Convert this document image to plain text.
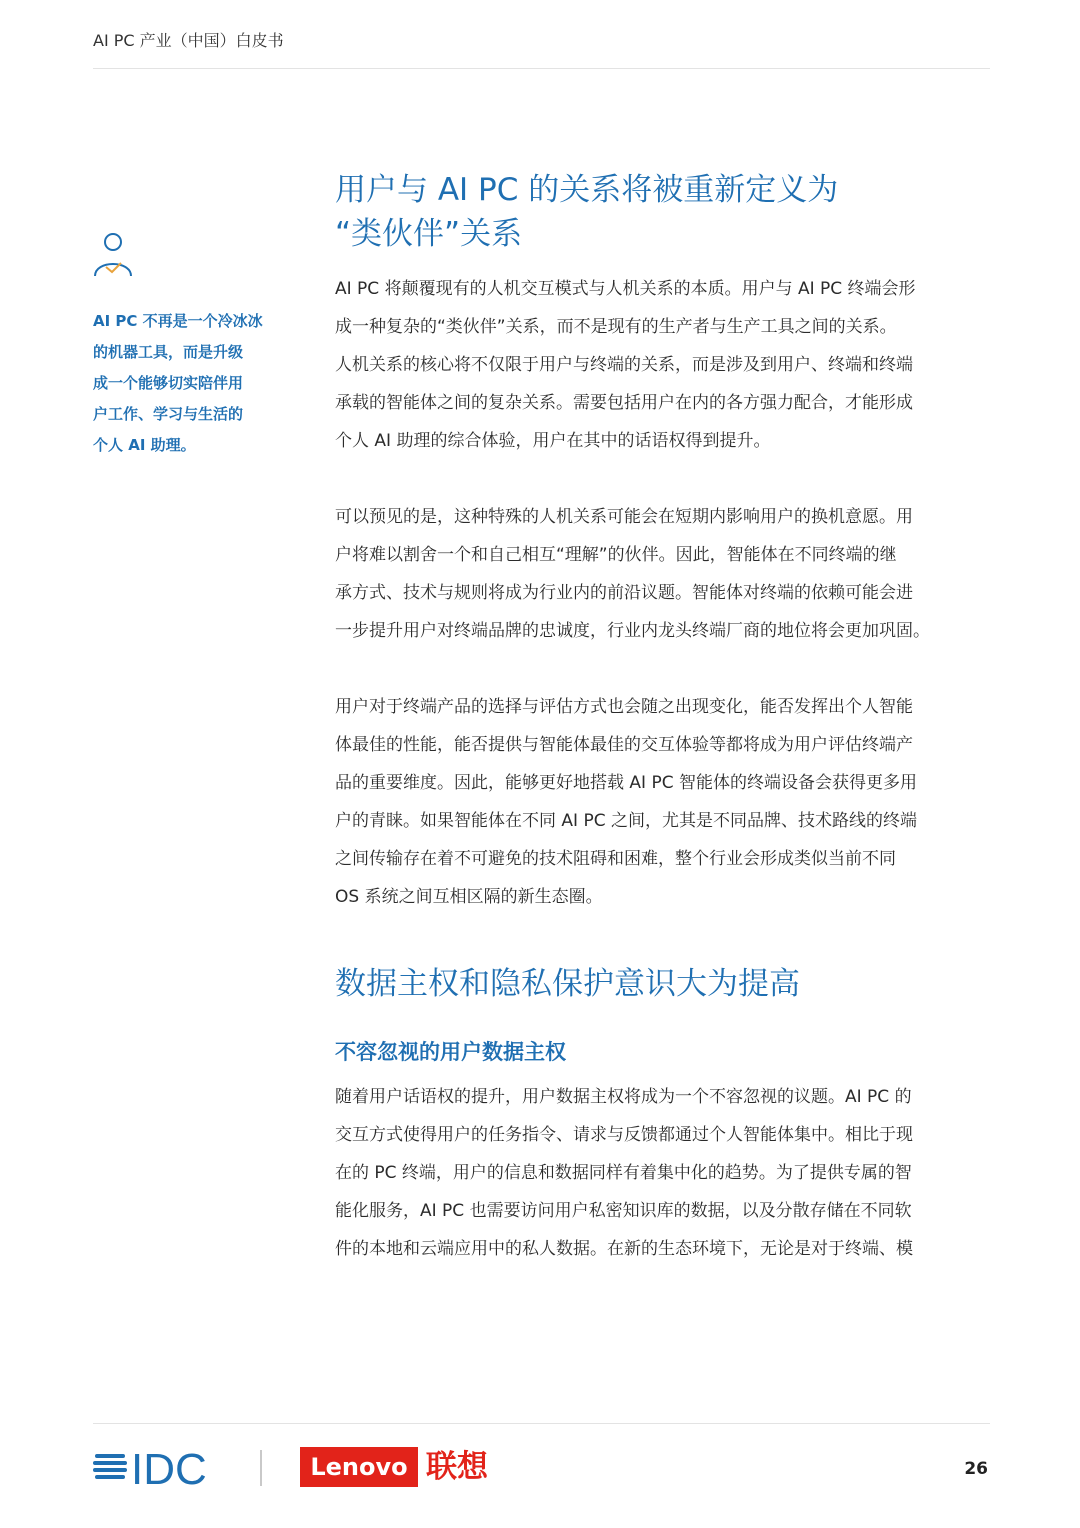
AI PC 产业（中国）白皮书
AI PC 不再是一个冷冰冰
的机器工具，而是升级
成一个能够切实陪伴用
户工作、学习与生活的
个人 AI 助理。
用户与 AI PC 的关系将被重新定义为
“类伙伴”关系
AI PC 将颠覆现有的人机交互模式与人机关系的本质。用户与 AI PC 终端会形
成一种复杂的“类伙伴”关系，而不是现有的生产者与生产工具之间的关系。
人机关系的核心将不仅限于用户与终端的关系，而是涉及到用户、终端和终端
承载的智能体之间的复杂关系。需要包括用户在内的各方强力配合，才能形成
个人 AI 助理的综合体验，用户在其中的话语权得到提升。
可以预见的是，这种特殊的人机关系可能会在短期内影响用户的换机意愿。用
户将难以割舍一个和自己相互“理解”的伙伴。因此，智能体在不同终端的继
承方式、技术与规则将成为行业内的前沿议题。智能体对终端的依赖可能会进
一步提升用户对终端品牌的忠诚度，行业内龙头终端厂商的地位将会更加巩固。
用户对于终端产品的选择与评估方式也会随之出现变化，能否发挥出个人智能
体最佳的性能，能否提供与智能体最佳的交互体验等都将成为用户评估终端产
品的重要维度。因此，能够更好地搭载 AI PC 智能体的终端设备会获得更多用
户的青睐。如果智能体在不同 AI PC 之间，尤其是不同品牌、技术路线的终端
之间传输存在着不可避免的技术阻碍和困难，整个行业会形成类似当前不同
OS 系统之间互相区隔的新生态圈。
数据主权和隐私保护意识大为提高
不容忽视的用户数据主权
随着用户话语权的提升，用户数据主权将成为一个不容忽视的议题。AI PC 的
交互方式使得用户的任务指令、请求与反馈都通过个人智能体集中。相比于现
在的 PC 终端，用户的信息和数据同样有着集中化的趋势。为了提供专属的智
能化服务，AI PC 也需要访问用户私密知识库的数据，以及分散存储在不同软
件的本地和云端应用中的私人数据。在新的生态环境下，无论是对于终端、模
IDC	Lenovo 联想	26
